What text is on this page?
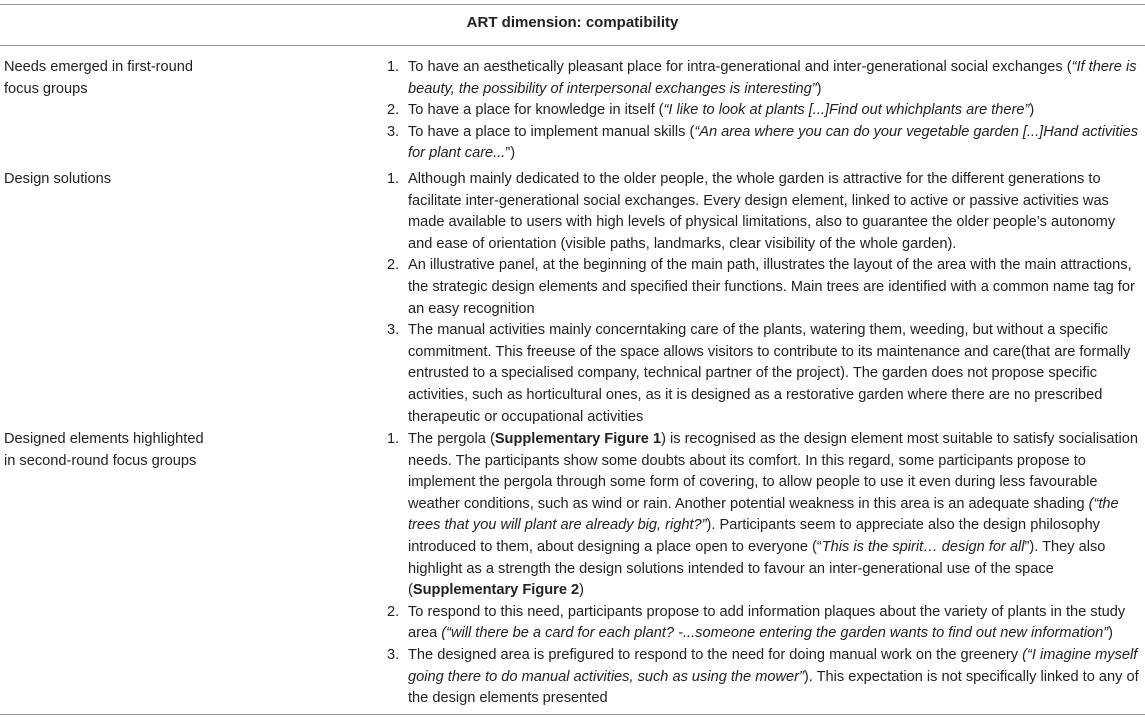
ART dimension: compatibility
Needs emerged in first-round
focus groups
1. To have an aesthetically pleasant place for intra-generational and inter-generational social exchanges (“If there is beauty, the possibility of interpersonal exchanges is interesting”)
2. To have a place for knowledge in itself (“I like to look at plants [...]Find out whichplants are there”)
3. To have a place to implement manual skills (“An area where you can do your vegetable garden [...]Hand activities for plant care...”)
Design solutions	1. Although mainly dedicated to the older people, the whole garden is attractive for the different generations to facilitate inter-generational social exchanges. Every design element, linked to active or passive activities was made available to users with high levels of physical limitations, also to guarantee the older people’s autonomy and ease of orientation (visible paths, landmarks, clear visibility of the whole garden).
2. An illustrative panel, at the beginning of the main path, illustrates the layout of the area with the main attractions, the strategic design elements and specified their functions. Main trees are identified with a common name tag for an easy recognition
3. The manual activities mainly concerntaking care of the plants, watering them, weeding, but without a specific commitment. This freeuse of the space allows visitors to contribute to its maintenance and care(that are formally entrusted to a specialised company, technical partner of the project). The garden does not propose specific activities, such as horticultural ones, as it is designed as a restorative garden where there are no prescribed therapeutic or occupational activities
Designed elements highlighted
in second-round focus groups
1. The pergola (Supplementary Figure 1) is recognised as the design element most suitable to satisfy socialisation needs. The participants show some doubts about its comfort. In this regard, some participants propose to implement the pergola through some form of covering, to allow people to use it even during less favourable weather conditions, such as wind or rain. Another potential weakness in this area is an adequate shading (“the trees that you will plant are already big, right?”). Participants seem to appreciate also the design philosophy introduced to them, about designing a place open to everyone (“This is the spirit… design for all”). They also highlight as a strength the design solutions intended to favour an inter-generational use of the space (Supplementary Figure 2)
2. To respond to this need, participants propose to add information plaques about the variety of plants in the study area (“will there be a card for each plant? -...someone entering the garden wants to find out new information”)
3. The designed area is prefigured to respond to the need for doing manual work on the greenery (“I imagine myself going there to do manual activities, such as using the mower”). This expectation is not specifically linked to any of the design elements presented
